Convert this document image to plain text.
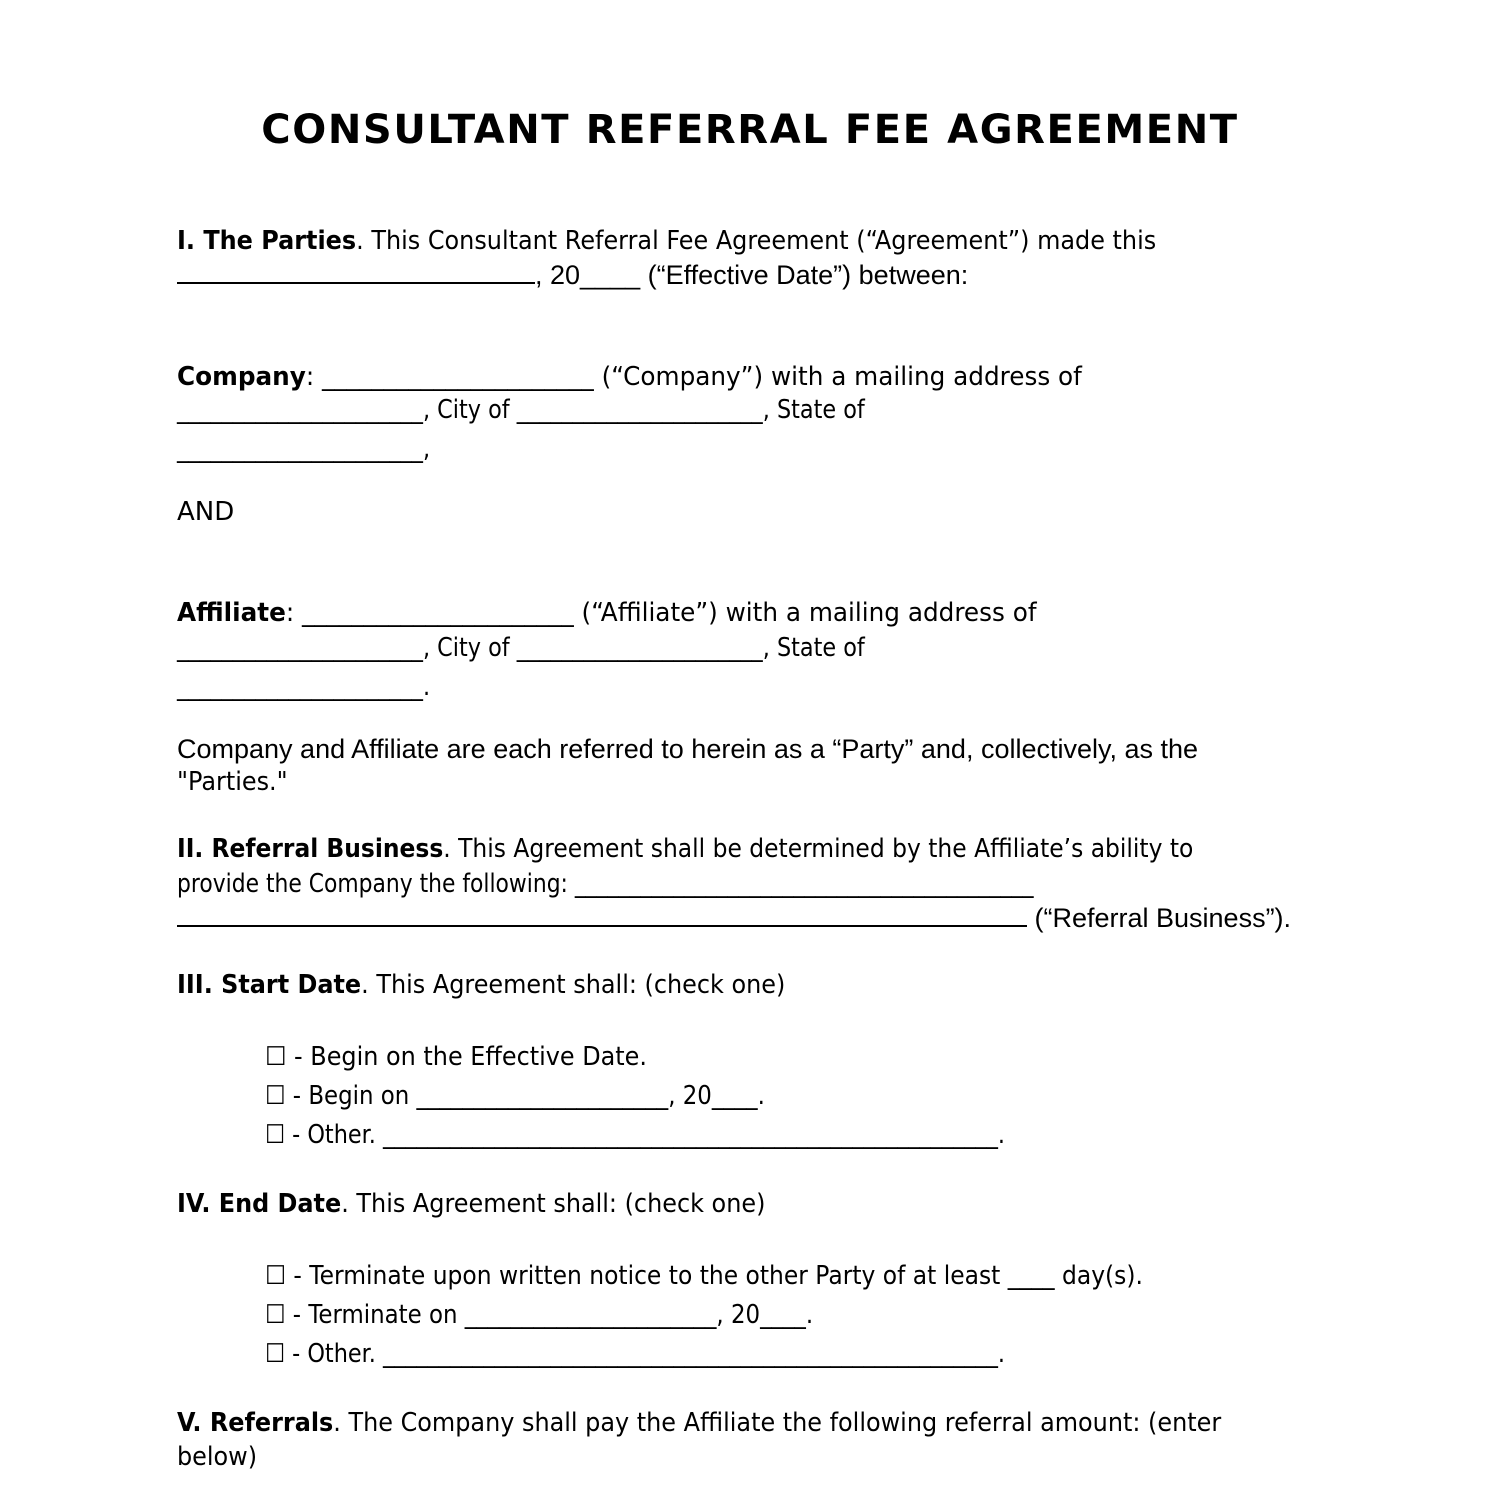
CONSULTANT REFERRAL FEE AGREEMENT
I. The Parties. This Consultant Referral Fee Agreement (“Agreement”) made this
, 20____ (“Effective Date”) between:
Company: ______________________ (“Company”) with a mailing address of
______________________, City of ______________________, State of
______________________,
AND
Affiliate: ______________________ (“Affiliate”) with a mailing address of
______________________, City of ______________________, State of
______________________.
Company and Affiliate are each referred to herein as a “Party” and, collectively, as the
"Parties."
II. Referral Business. This Agreement shall be determined by the Affiliate’s ability to
provide the Company the following: __________________________________________
(“Referral Business”).
III. Start Date. This Agreement shall: (check one)
☐ - Begin on the Effective Date.
☐ - Begin on ______________________, 20____.
☐ - Other. _______________________________________________________.
IV. End Date. This Agreement shall: (check one)
☐ - Terminate upon written notice to the other Party of at least ____ day(s).
☐ - Terminate on ______________________, 20____.
☐ - Other. _______________________________________________________.
V. Referrals. The Company shall pay the Affiliate the following referral amount: (enter
below)
